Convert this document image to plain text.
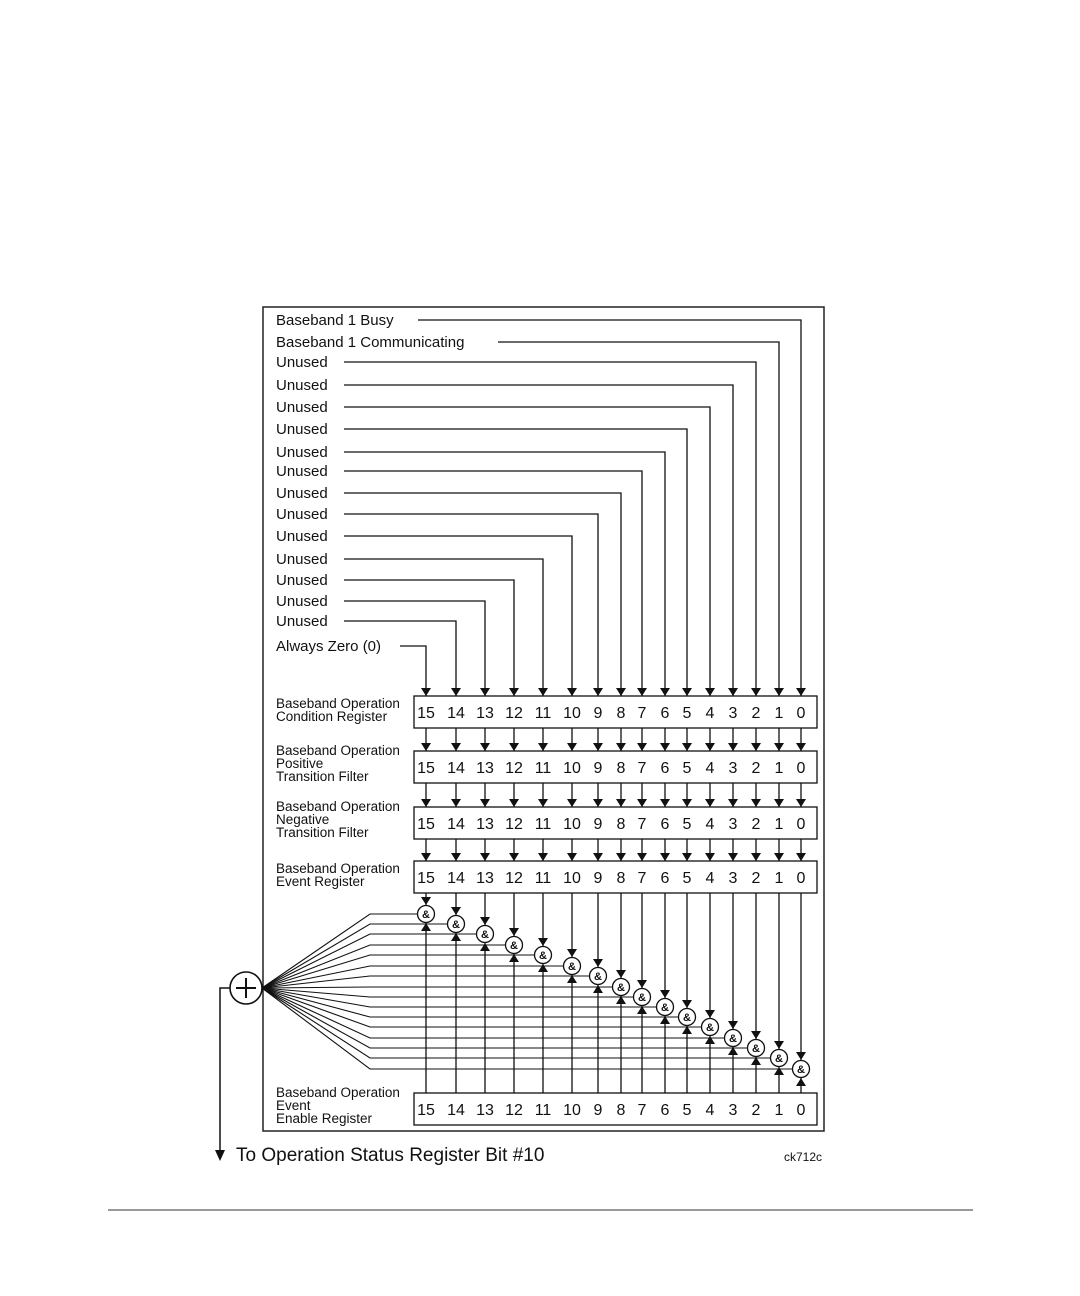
Always Zero (0)
Unused
Unused
Unused
Unused
Unused
Unused
Unused
Unused
Unused
Unused
Unused
Unused
Unused
Baseband 1 Communicating
Baseband 1 Busy
Baseband Operation
Condition Register 15 14 13 12 11 10 9 8 7 6 5 4 3 2 1 0
Baseband Operation
Positive
Transition Filter	15 14 13 12 11 10 9 8 7 6 5 4 3 2 1 0
Baseband Operation
Negative
Transition Filter	15 14 13 12 11 10 9 8 7 6 5 4 3 2 1 0
Baseband Operation
Event Register	15 14 13 12 11 10 9 8 7 6 5 4 3 2 1 0
Baseband Operation
Event
Enable Register	15 14 13 12 11 10 9 8 7 6 5 4 3 2 1 0
&
&
&
&
&
&
&
&
&
&
&
&
&
&
&
&
To Operation Status Register Bit #10	ck712c
